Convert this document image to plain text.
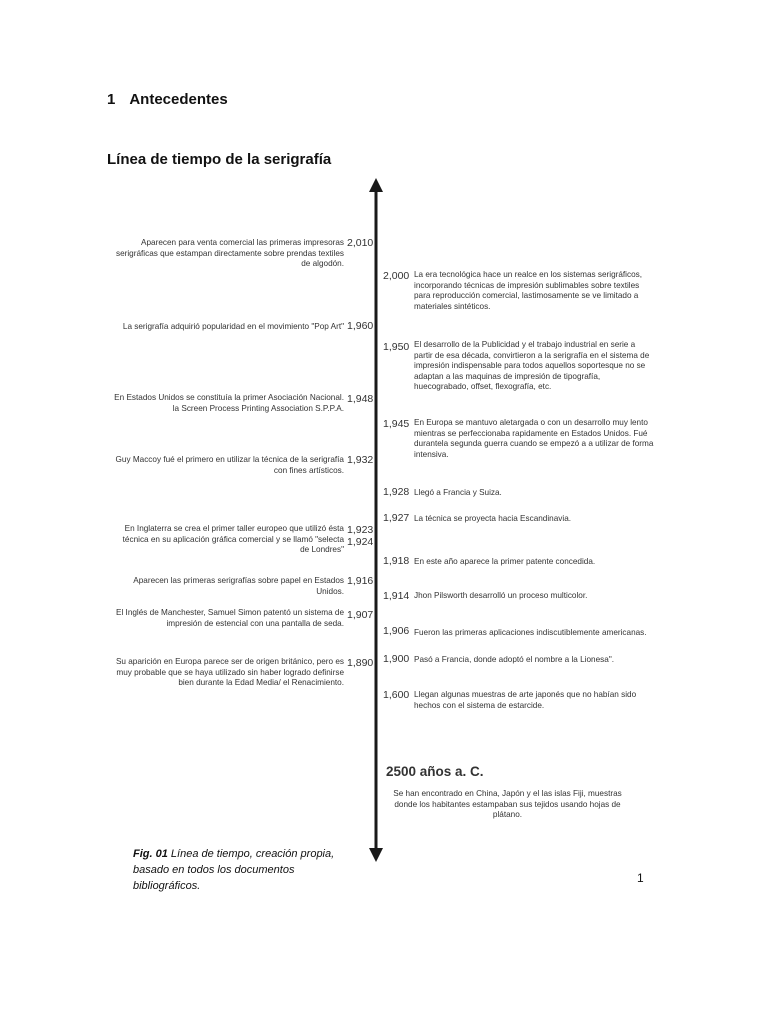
1 Antecedentes
Línea de tiempo de la serigrafía
2,010
Aparecen para venta comercial las primeras impresoras serigráficas que estampan directamente sobre prendas textiles de algodón.
1,960
La serigrafía adquirió popularidad en el movimiento "Pop Art"
1,948
En Estados Unidos se constituía la primer Asociación Nacional. la Screen Process Printing Association S.P.P.A.
1,932
Guy Maccoy fué el primero en utilizar la técnica de la serigrafía con fines artísticos.
1,923
En Inglaterra se crea el primer taller europeo que utilizó ésta técnica en su aplicación gráfica comercial y se llamó "selecta de Londres"
1,924
1,916
Aparecen las primeras serigrafías sobre papel en Estados Unidos.
1,907
El Inglés de Manchester, Samuel Simon patentó un sistema de impresión de estencial con una pantalla de seda.
1,890
Su aparición en Europa parece ser de origen británico, pero es muy probable que se haya utilizado sin haber logrado definirse bien durante la Edad Media/ el Renacimiento.
2,000 La era tecnológica hace un realce en los sistemas serigráficos, incorporando técnicas de impresión sublimables sobre textiles para reproducción comercial, lastimosamente se ve limitado a materiales sintéticos.
1,950 El desarrollo de la Publicidad y el trabajo industrial en serie a partir de esa década, convirtieron a la serigrafía en el sistema de impresión indispensable para todos aquellos soportesque no se adaptan a las maquinas de impresión de tipografía, huecograbado, offset, flexografía, etc.
1,945 En Europa se mantuvo aletargada o con un desarrollo muy lento mientras se perfeccionaba rapidamente en Estados Unidos. Fué durantela segunda guerra cuando se empezó a a utilizar de forma intensiva.
1,928 Llegó a Francia y Suiza.
1,927 La técnica se proyecta hacia Escandinavia.
1,918 En este año aparece la primer patente concedida.
1,914 Jhon Pilsworth desarrolló un proceso multicolor.
1,906 Fueron las primeras aplicaciones indiscutiblemente americanas.
1,900 Pasó a Francia, donde adoptó el nombre a la Lionesa".
1,600 Llegan algunas muestras de arte japonés que no habían sido hechos con el sistema de estarcide.
2500 años a. C.
Se han encontrado en China, Japón y el las islas Fiji, muestras donde los habitantes estampaban sus tejidos usando hojas de plátano.
Fig. 01 Línea de tiempo, creación propia, basado en todos los documentos bibliográficos.
1
